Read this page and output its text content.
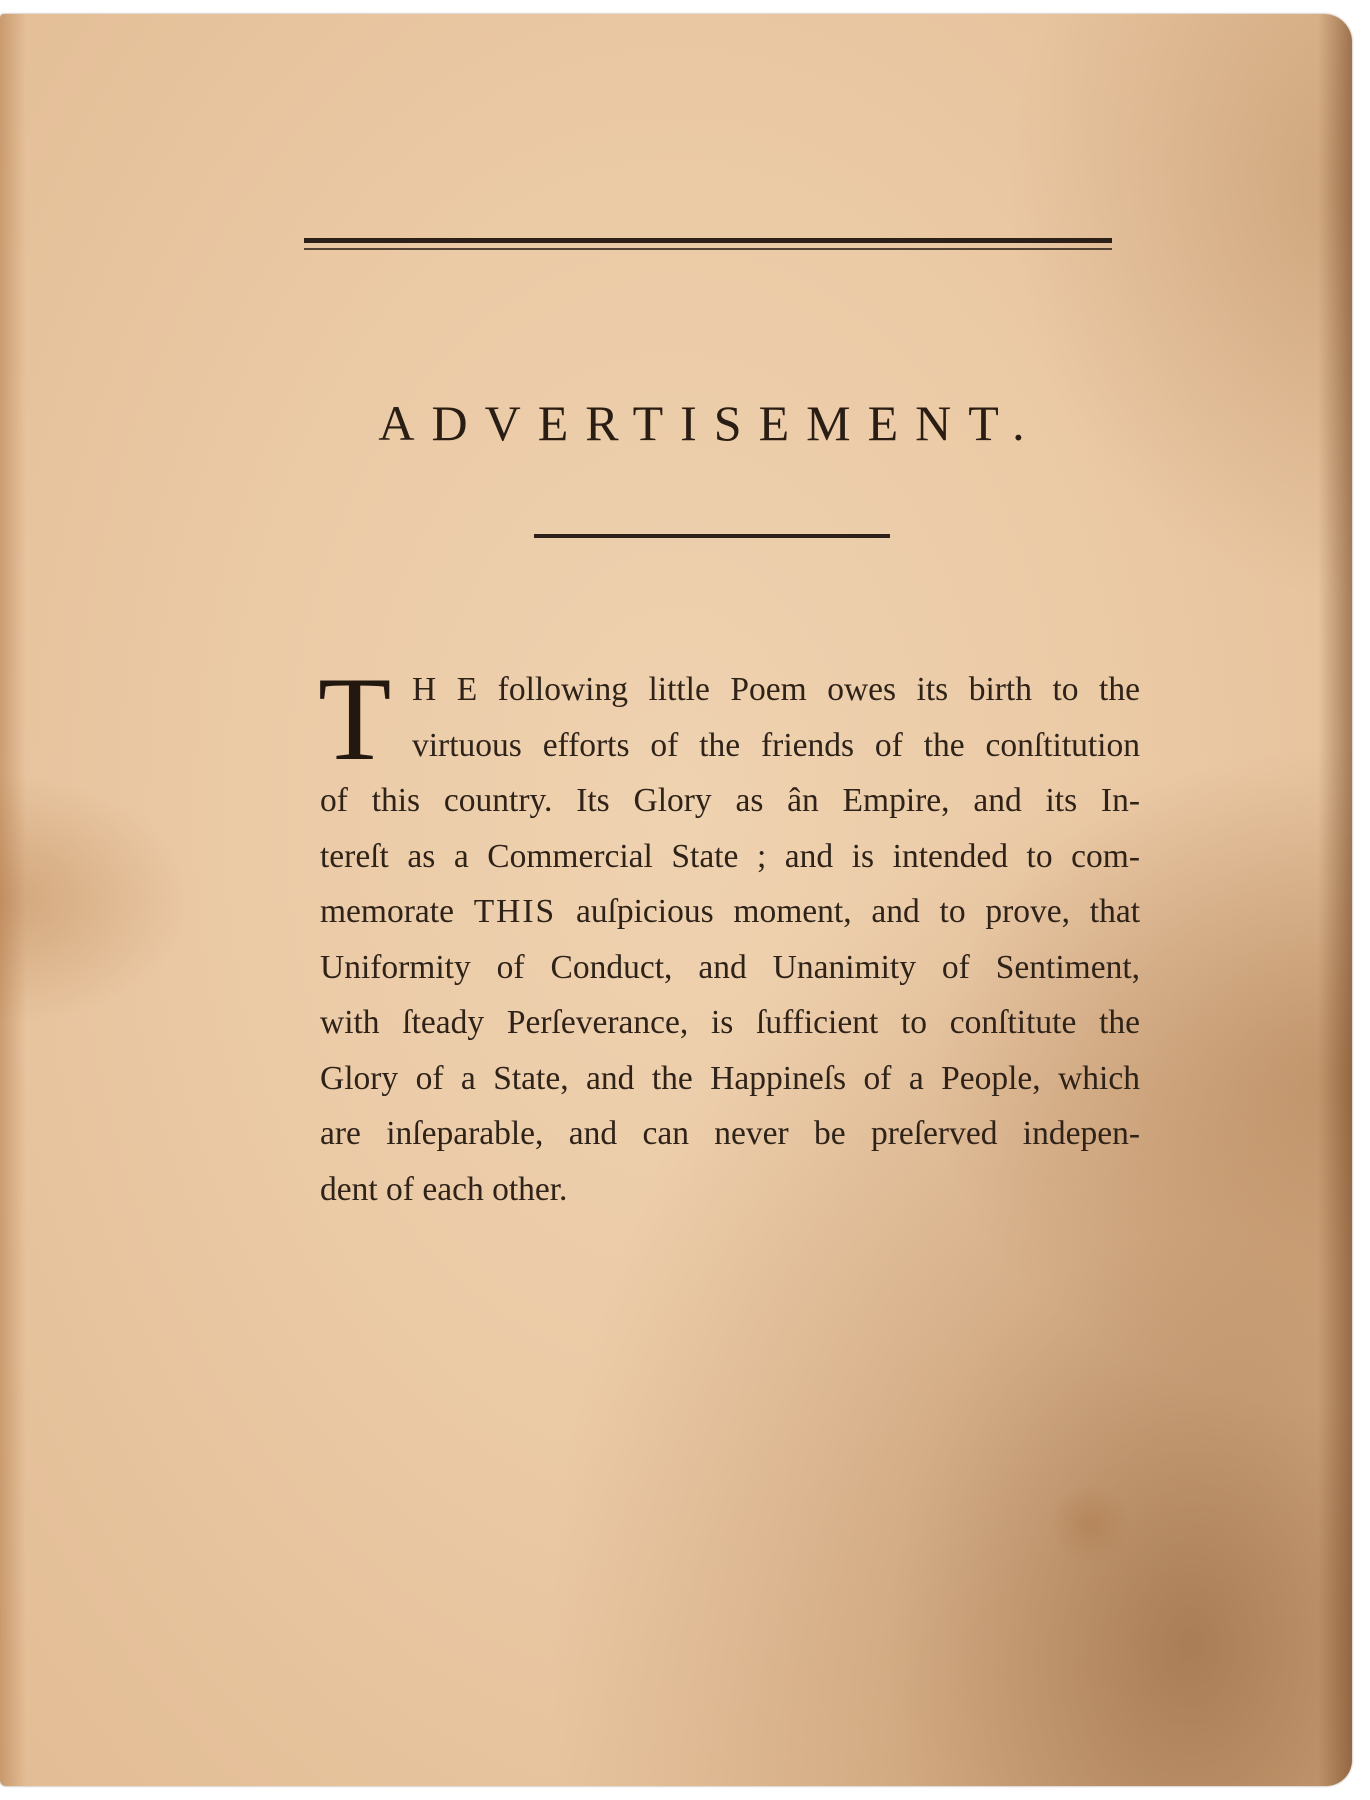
ADVERTISEMENT.
T H E following little Poem owes its birth to the
virtuous efforts of the friends of the conſtitution
of this country. Its Glory as ân Empire, and its In-
tereſt as a Commercial State ; and is intended to com-
memorate THIS auſpicious moment, and to prove, that
Uniformity of Conduct, and Unanimity of Sentiment,
with ſteady Perſeverance, is ſufficient to conſtitute the
Glory of a State, and the Happineſs of a People, which
are inſeparable, and can never be preſerved indepen-
dent of each other.
